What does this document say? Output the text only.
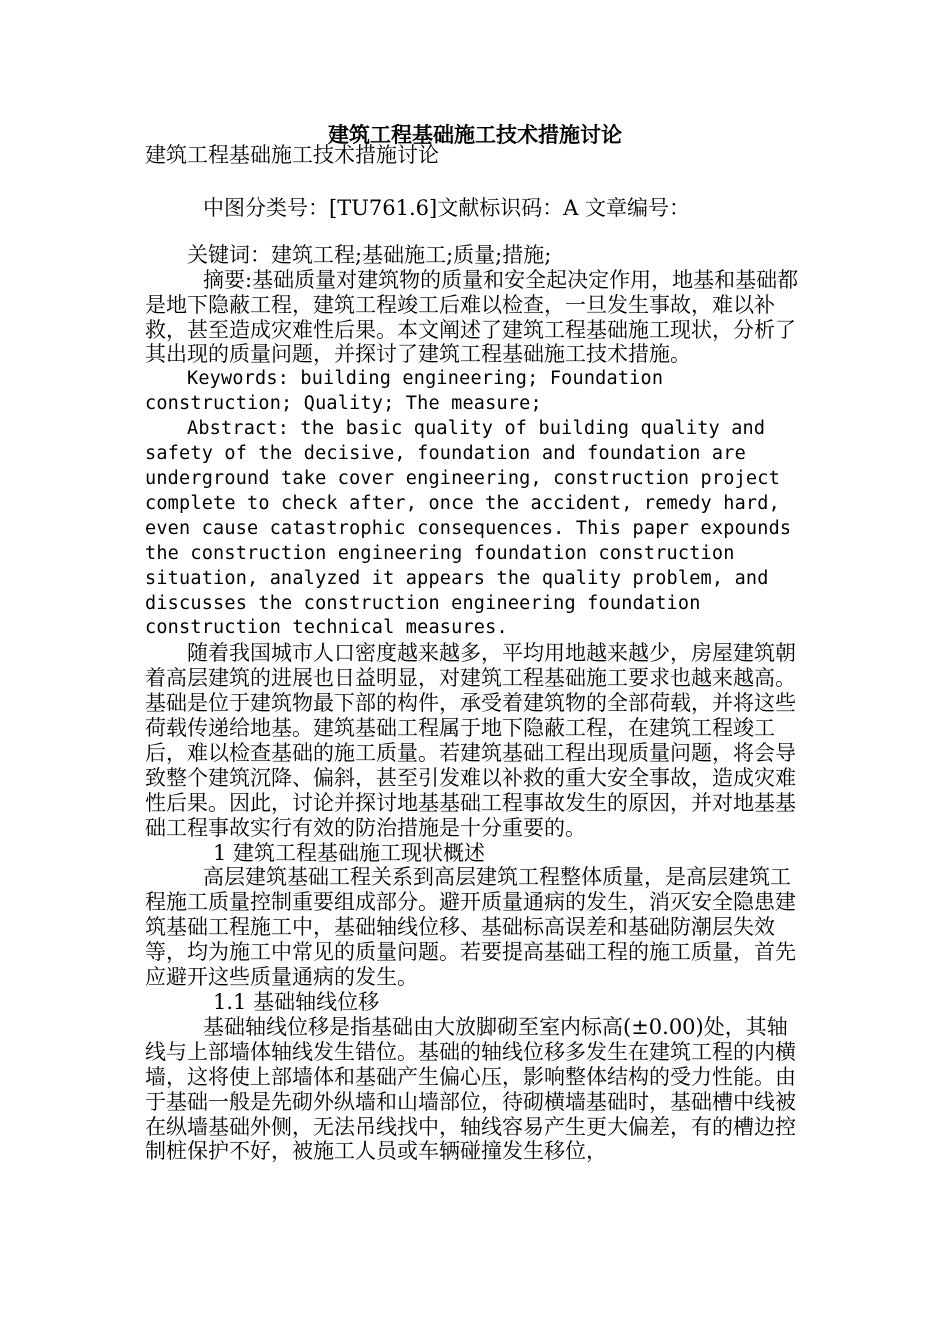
建筑工程基础施工技术措施讨论
建筑工程基础施工技术措施讨论
中图分类号：[TU761.6]文献标识码：A 文章编号：
关键词：建筑工程;基础施工;质量;措施;
摘要:基础质量对建筑物的质量和安全起决定作用，地基和基础都是地下隐蔽工程，建筑工程竣工后难以检查，一旦发生事故，难以补救，甚至造成灾难性后果。本文阐述了建筑工程基础施工现状，分析了其出现的质量问题，并探讨了建筑工程基础施工技术措施。
Keywords: building engineering; Foundation construction; Quality; The measure;
Abstract: the basic quality of building quality and safety of the decisive, foundation and foundation are underground take cover engineering, construction project complete to check after, once the accident, remedy hard, even cause catastrophic consequences. This paper expounds the construction engineering foundation construction situation, analyzed it appears the quality problem, and discusses the construction engineering foundation construction technical measures.
随着我国城市人口密度越来越多，平均用地越来越少，房屋建筑朝着高层建筑的进展也日益明显，对建筑工程基础施工要求也越来越高。基础是位于建筑物最下部的构件，承受着建筑物的全部荷载，并将这些荷载传递给地基。建筑基础工程属于地下隐蔽工程，在建筑工程竣工后，难以检查基础的施工质量。若建筑基础工程出现质量问题，将会导致整个建筑沉降、偏斜，甚至引发难以补救的重大安全事故，造成灾难性后果。因此，讨论并探讨地基基础工程事故发生的原因，并对地基基础工程事故实行有效的防治措施是十分重要的。
1 建筑工程基础施工现状概述
高层建筑基础工程关系到高层建筑工程整体质量，是高层建筑工程施工质量控制重要组成部分。避开质量通病的发生，消灭安全隐患建筑基础工程施工中，基础轴线位移、基础标高误差和基础防潮层失效等，均为施工中常见的质量问题。若要提高基础工程的施工质量，首先应避开这些质量通病的发生。
1.1 基础轴线位移
基础轴线位移是指基础由大放脚砌至室内标高(±0.00)处，其轴线与上部墙体轴线发生错位。基础的轴线位移多发生在建筑工程的内横墙，这将使上部墙体和基础产生偏心压，影响整体结构的受力性能。由于基础一般是先砌外纵墙和山墙部位，待砌横墙基础时，基础槽中线被在纵墙基础外侧，无法吊线找中，轴线容易产生更大偏差，有的槽边控制桩保护不好，被施工人员或车辆碰撞发生移位，
